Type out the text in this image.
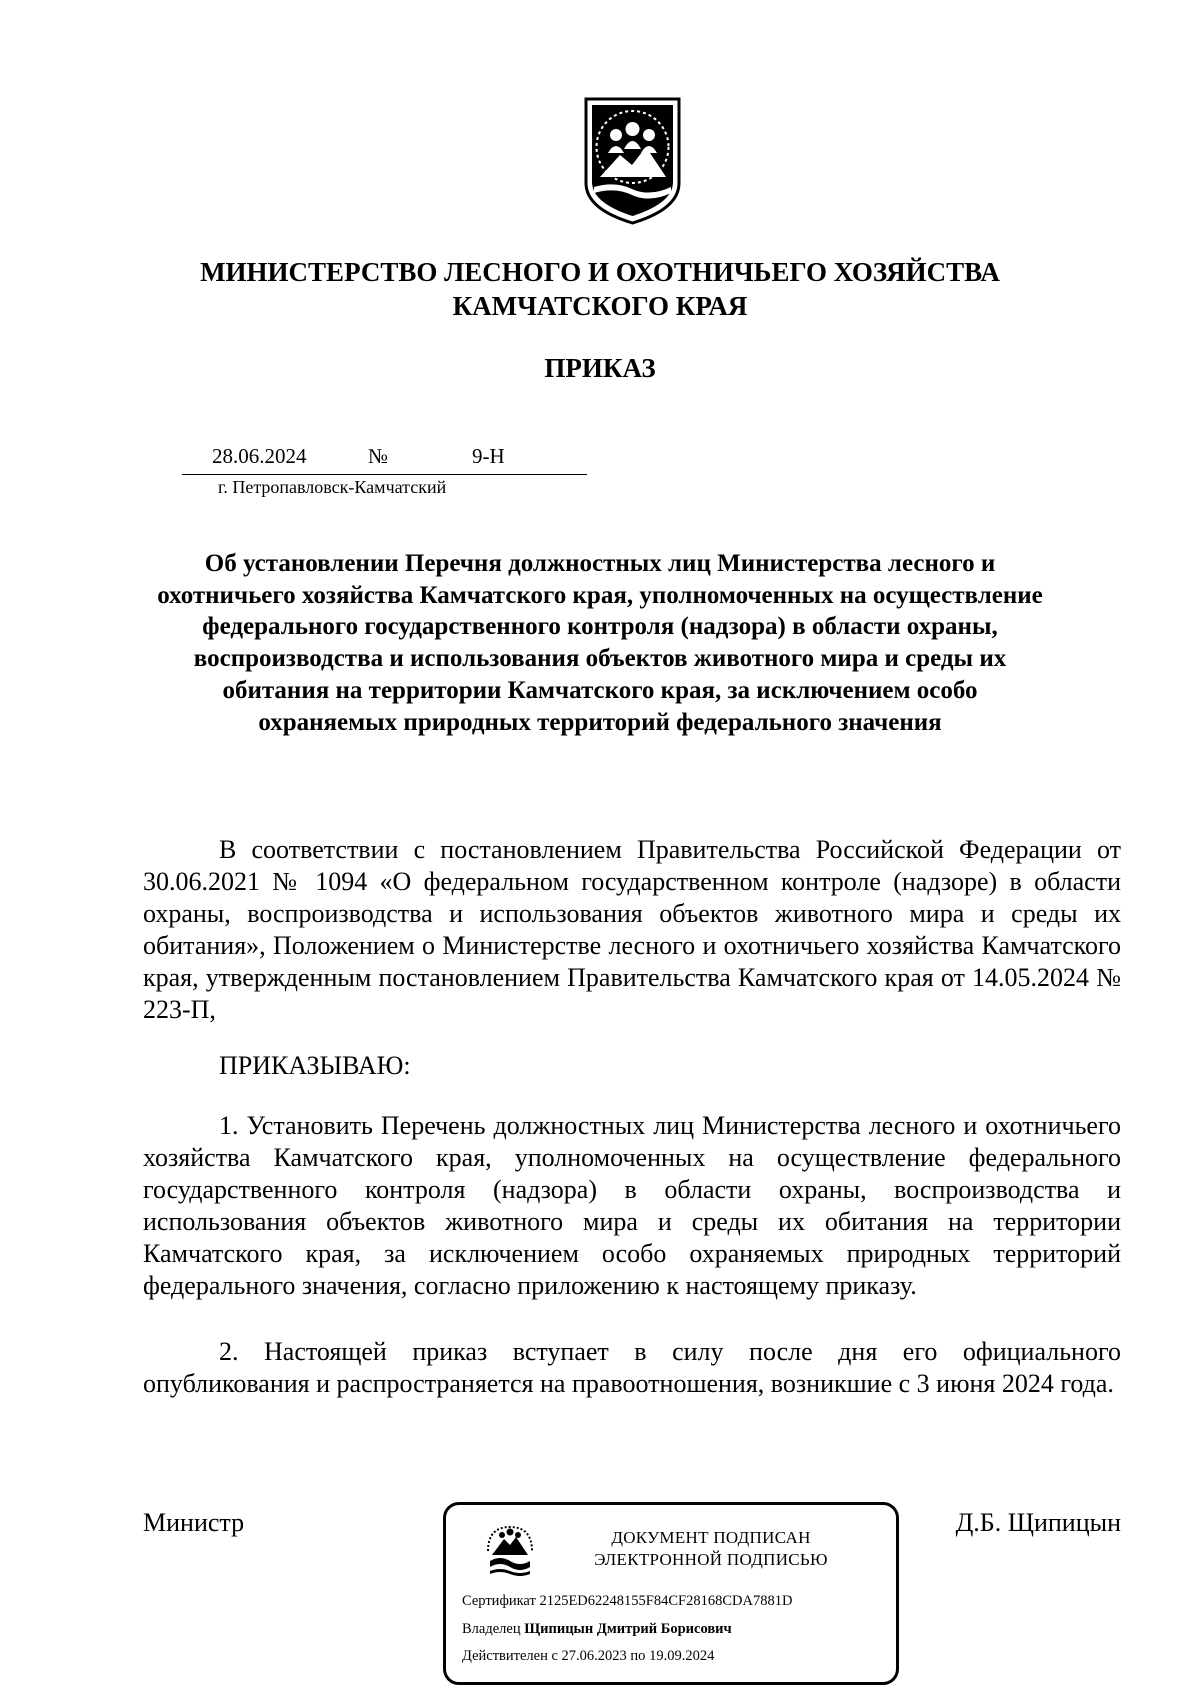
МИНИСТЕРСТВО ЛЕСНОГО И ОХОТНИЧЬЕГО ХОЗЯЙСТВА
КАМЧАТСКОГО КРАЯ
ПРИКАЗ
28.06.2024	№	9-Н
г. Петропавловск-Камчатский
Об установлении Перечня должностных лиц Министерства лесного и охотничьего хозяйства Камчатского края, уполномоченных на осуществление федерального государственного контроля (надзора) в области охраны, воспроизводства и использования объектов животного мира и среды их обитания на территории Камчатского края, за исключением особо охраняемых природных территорий федерального значения
В соответствии с постановлением Правительства Российской Федерации от 30.06.2021 № 1094 «О федеральном государственном контроле (надзоре) в области охраны, воспроизводства и использования объектов животного мира и среды их обитания», Положением о Министерстве лесного и охотничьего хозяйства Камчатского края, утвержденным постановлением Правительства Камчатского края от 14.05.2024 № 223-П,
ПРИКАЗЫВАЮ:
1. Установить Перечень должностных лиц Министерства лесного и охотничьего хозяйства Камчатского края, уполномоченных на осуществление федерального государственного контроля (надзора) в области охраны, воспроизводства и использования объектов животного мира и среды их обитания на территории Камчатского края, за исключением особо охраняемых природных территорий федерального значения, согласно приложению к настоящему приказу.
2. Настоящей приказ вступает в силу после дня его официального опубликования и распространяется на правоотношения, возникшие с 3 июня 2024 года.
Министр
ДОКУМЕНТ ПОДПИСАН
ЭЛЕКТРОННОЙ ПОДПИСЬЮ
Сертификат 2125ED62248155F84CF28168CDA7881D
Владелец Щипицын Дмитрий Борисович
Действителен с 27.06.2023 по 19.09.2024
Д.Б. Щипицын
